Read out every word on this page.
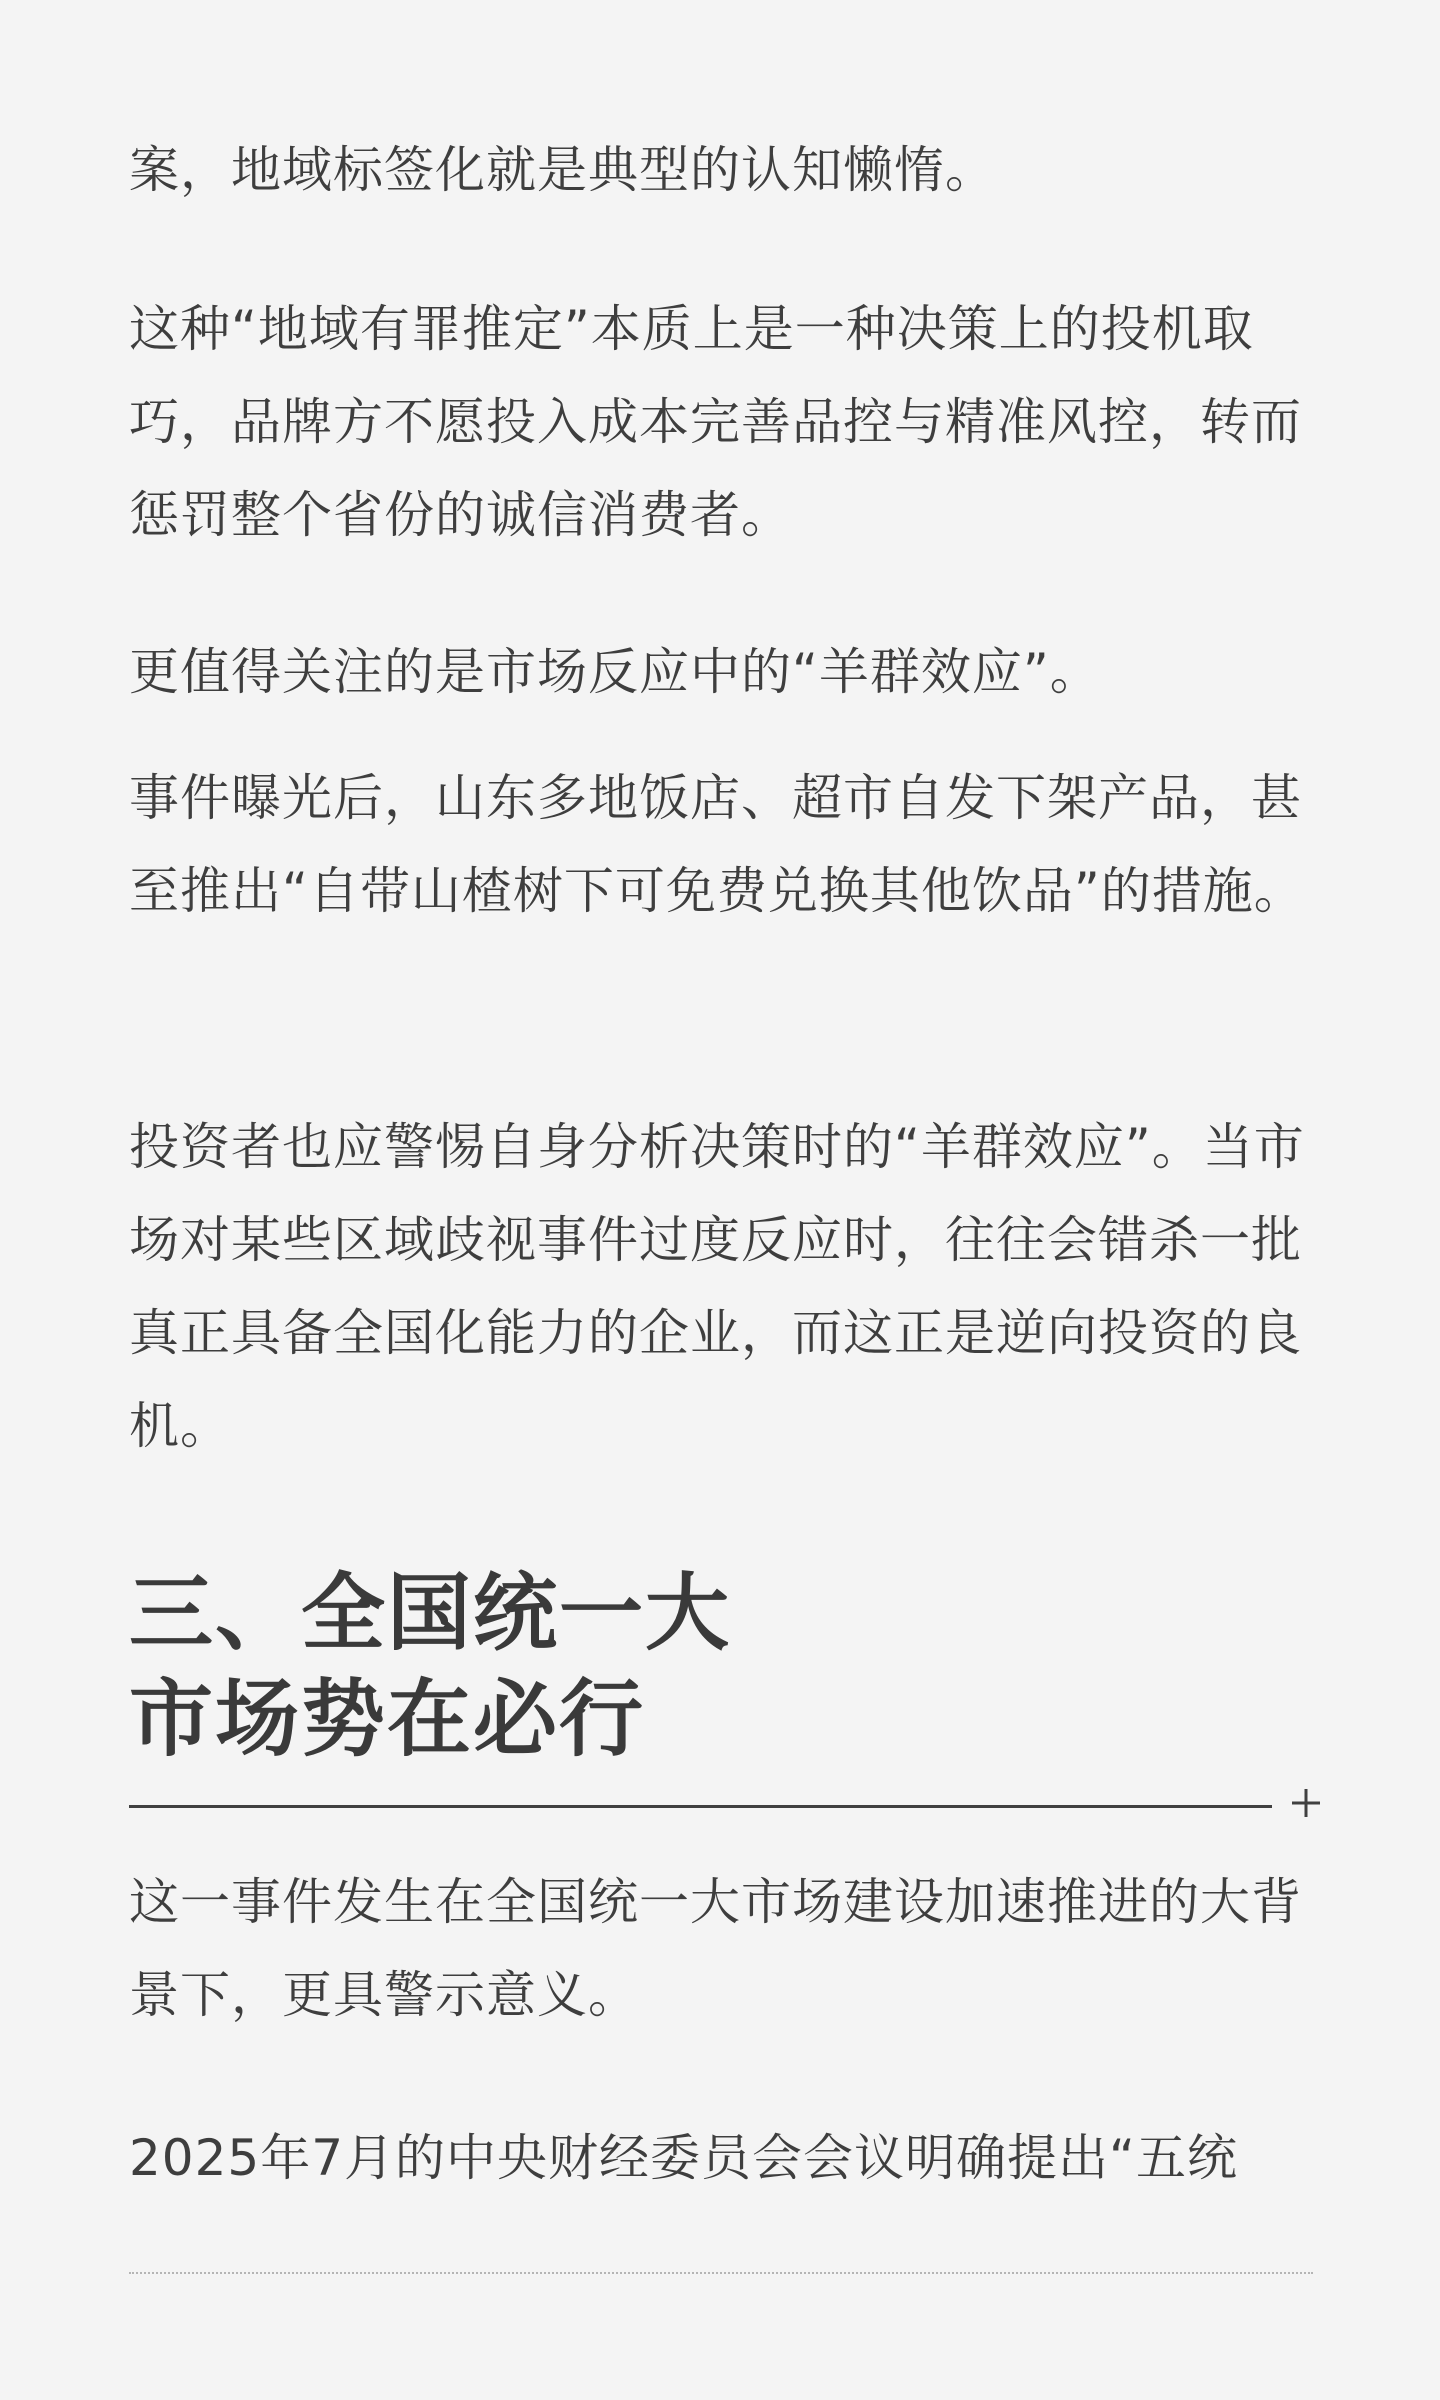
案，地域标签化就是典型的认知懒惰。

这种“地域有罪推定”本质上是一种决策上的投机取巧，品牌方不愿投入成本完善品控与精准风控，转而惩罚整个省份的诚信消费者。

更值得关注的是市场反应中的“羊群效应”。

事件曝光后，山东多地饭店、超市自发下架产品，甚至推出“自带山楂树下可免费兑换其他饮品”的措施。

投资者也应警惕自身分析决策时的“羊群效应”。当市场对某些区域歧视事件过度反应时，往往会错杀一批真正具备全国化能力的企业，而这正是逆向投资的良机。

三、全国统一大
市场势在必行

这一事件发生在全国统一大市场建设加速推进的大背景下，更具警示意义。

2025年7月的中央财经委员会会议明确提出“五统
